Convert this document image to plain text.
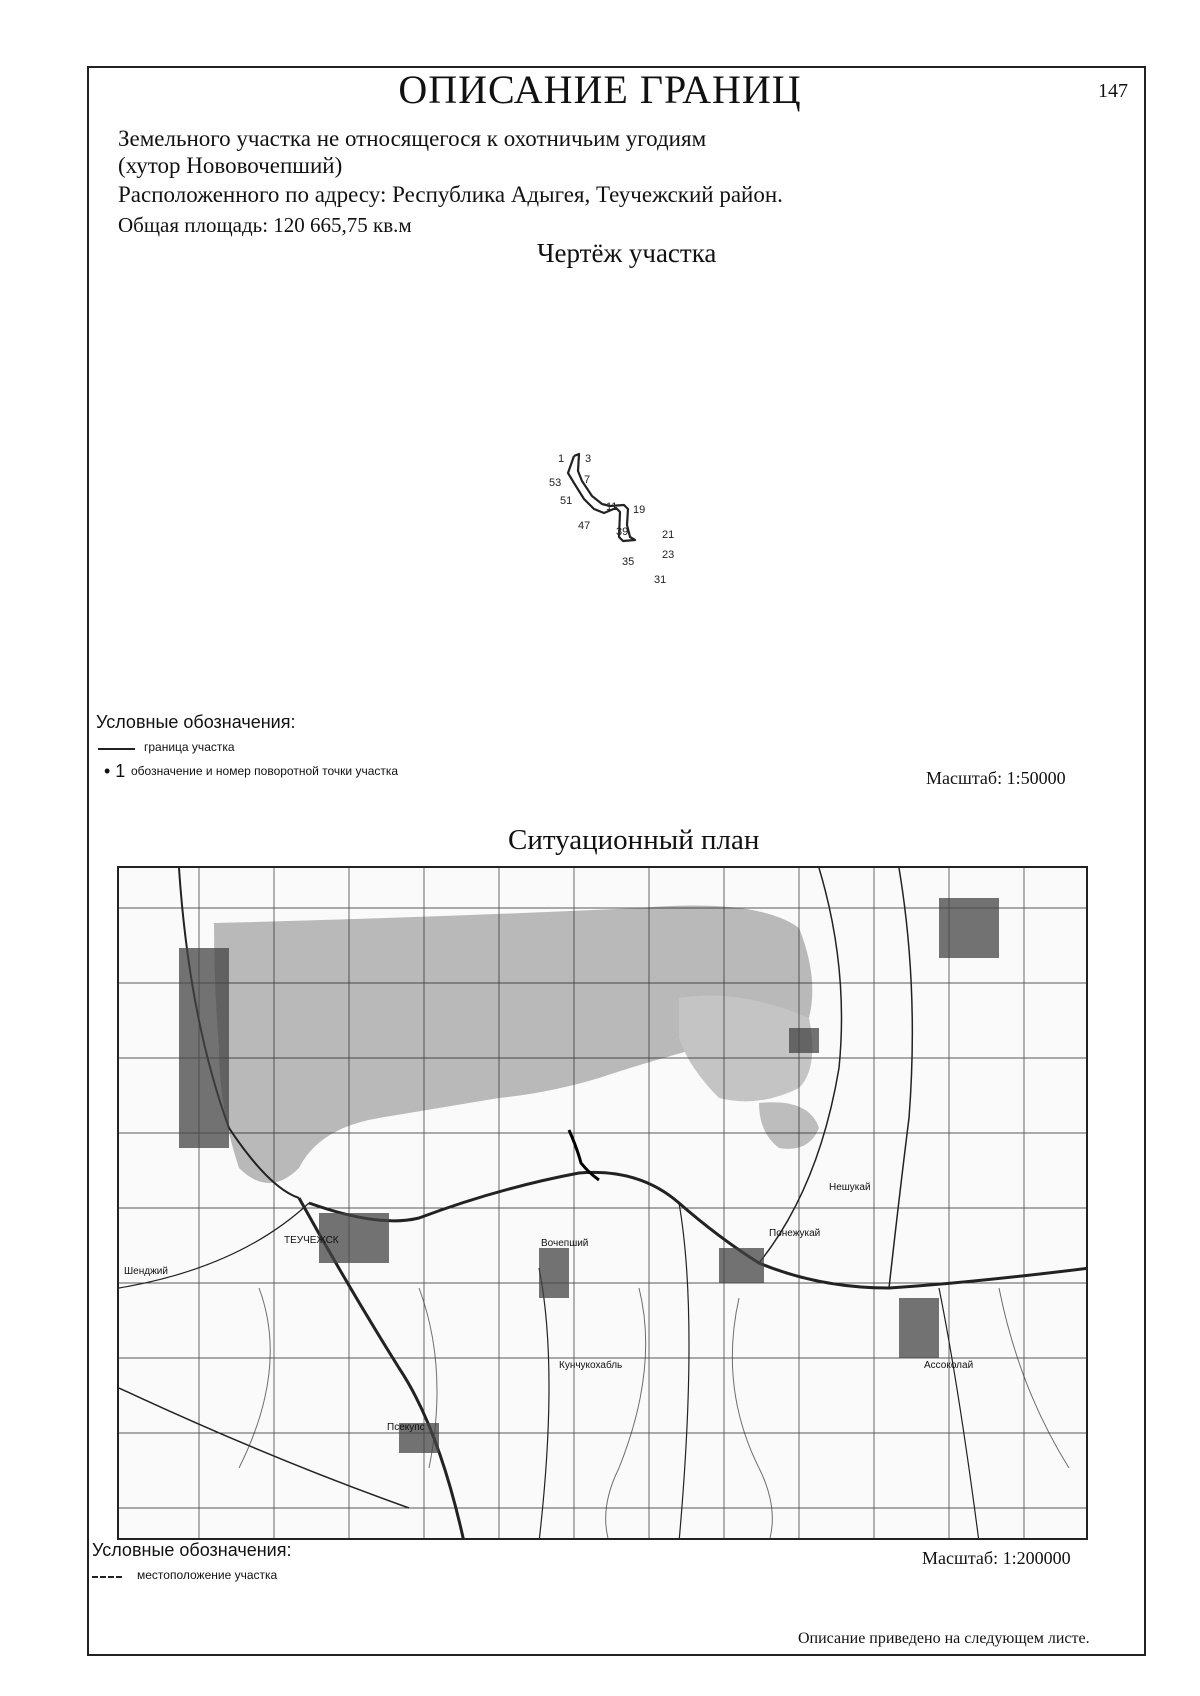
ОПИСАНИЕ ГРАНИЦ	147
Земельного участка не относящегося к охотничьим угодиям
(хутор Нововочепший)
Расположенного по адресу: Республика Адыгея, Теучежский район.
Общая площадь: 120 665,75 кв.м
Чертёж участка
1 3
7
53
51	11 19
47 39	21
23
35
31
Условные обозначения:
граница участка
• 1 обозначение и номер поворотной точки участка	Масштаб: 1:50000
Ситуационный план
ТЕУЧЕЖСК	Вочепший
Псекупс
Понежукай
Кунчукохабль	Ассоколай
Нешукай
Шенджий
Условные обозначения:
местоположение участка
Масштаб: 1:200000
Описание приведено на следующем листе.
